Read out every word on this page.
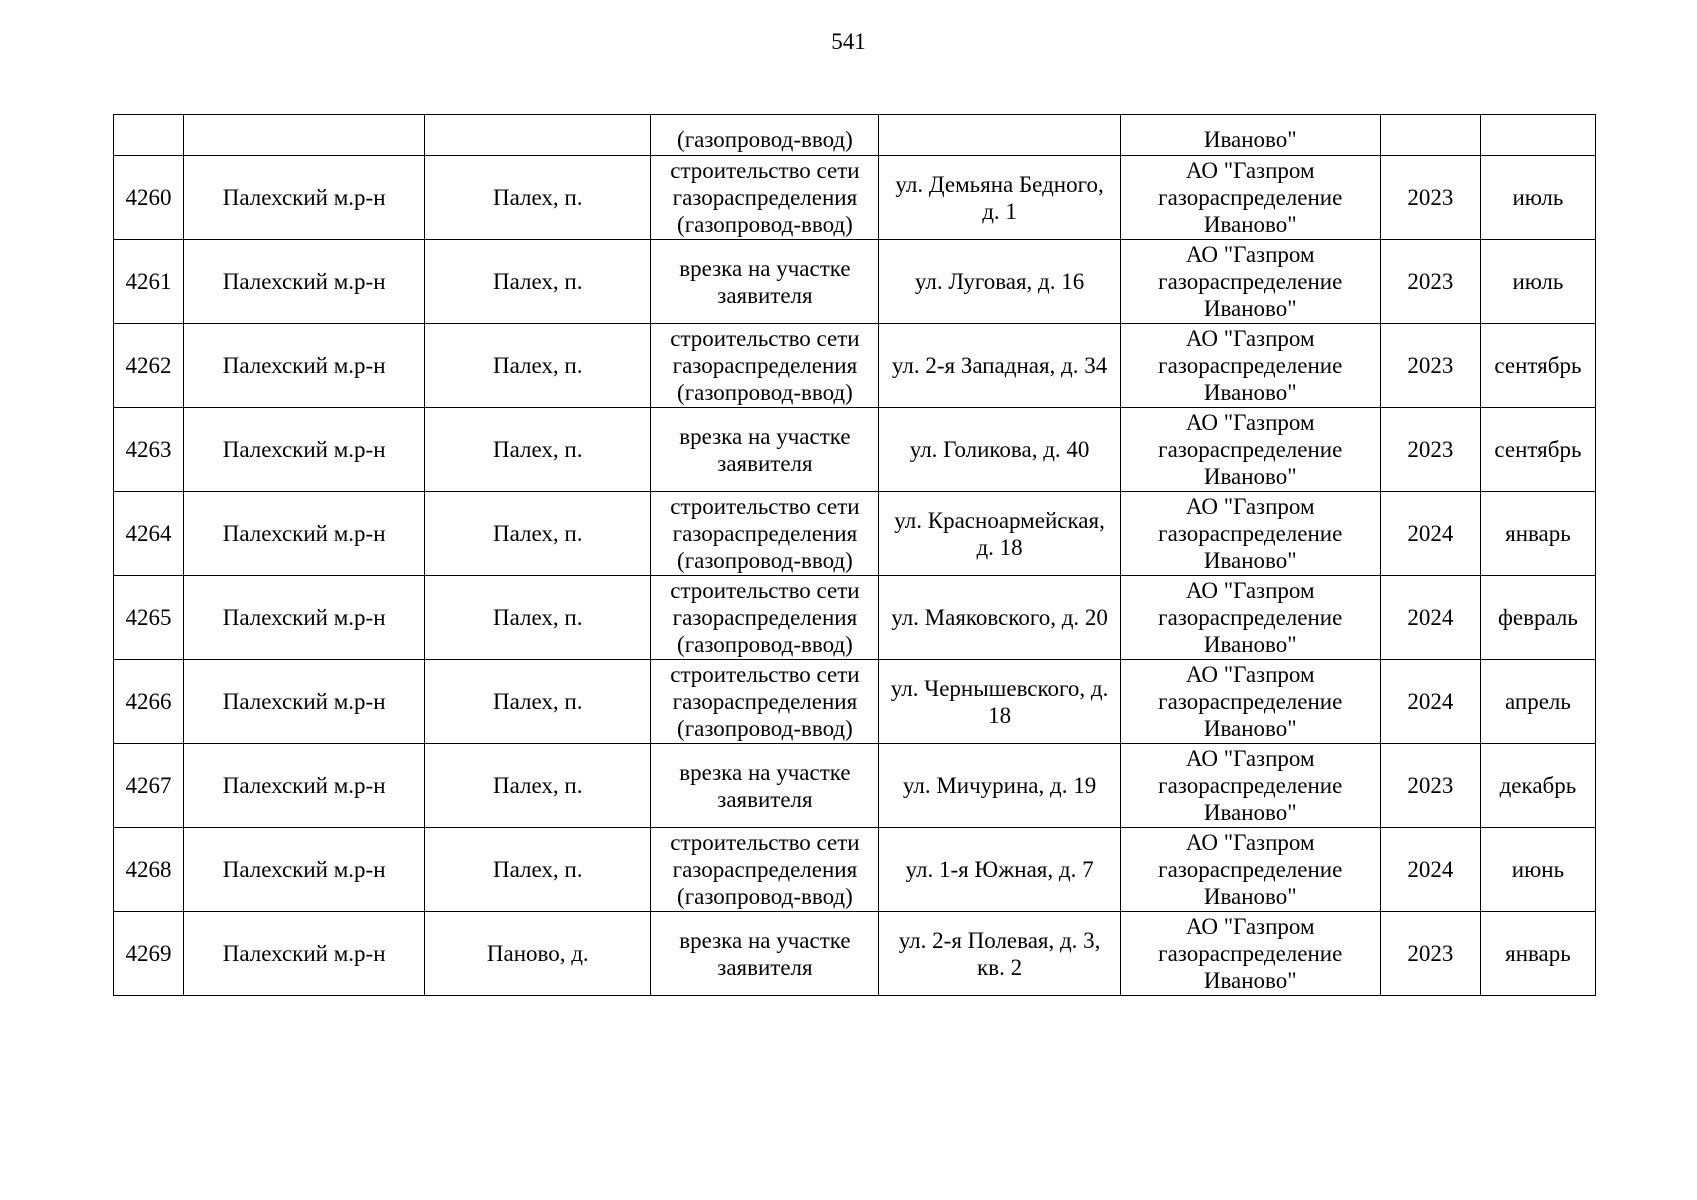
541
			(газопровод-ввод)		Иваново"		
4260	Палехский м.р-н	Палех, п.	строительство сети газораспределения (газопровод-ввод)	ул. Демьяна Бедного, д. 1	АО "Газпром газораспределение Иваново"	2023	июль
4261	Палехский м.р-н	Палех, п.	врезка на участке заявителя	ул. Луговая, д. 16	АО "Газпром газораспределение Иваново"	2023	июль
4262	Палехский м.р-н	Палех, п.	строительство сети газораспределения (газопровод-ввод)	ул. 2-я Западная, д. 34	АО "Газпром газораспределение Иваново"	2023	сентябрь
4263	Палехский м.р-н	Палех, п.	врезка на участке заявителя	ул. Голикова, д. 40	АО "Газпром газораспределение Иваново"	2023	сентябрь
4264	Палехский м.р-н	Палех, п.	строительство сети газораспределения (газопровод-ввод)	ул. Красноармейская, д. 18	АО "Газпром газораспределение Иваново"	2024	январь
4265	Палехский м.р-н	Палех, п.	строительство сети газораспределения (газопровод-ввод)	ул. Маяковского, д. 20	АО "Газпром газораспределение Иваново"	2024	февраль
4266	Палехский м.р-н	Палех, п.	строительство сети газораспределения (газопровод-ввод)	ул. Чернышевского, д. 18	АО "Газпром газораспределение Иваново"	2024	апрель
4267	Палехский м.р-н	Палех, п.	врезка на участке заявителя	ул. Мичурина, д. 19	АО "Газпром газораспределение Иваново"	2023	декабрь
4268	Палехский м.р-н	Палех, п.	строительство сети газораспределения (газопровод-ввод)	ул. 1-я Южная, д. 7	АО "Газпром газораспределение Иваново"	2024	июнь
4269	Палехский м.р-н	Паново, д.	врезка на участке заявителя	ул. 2-я Полевая, д. 3, кв. 2	АО "Газпром газораспределение Иваново"	2023	январь
